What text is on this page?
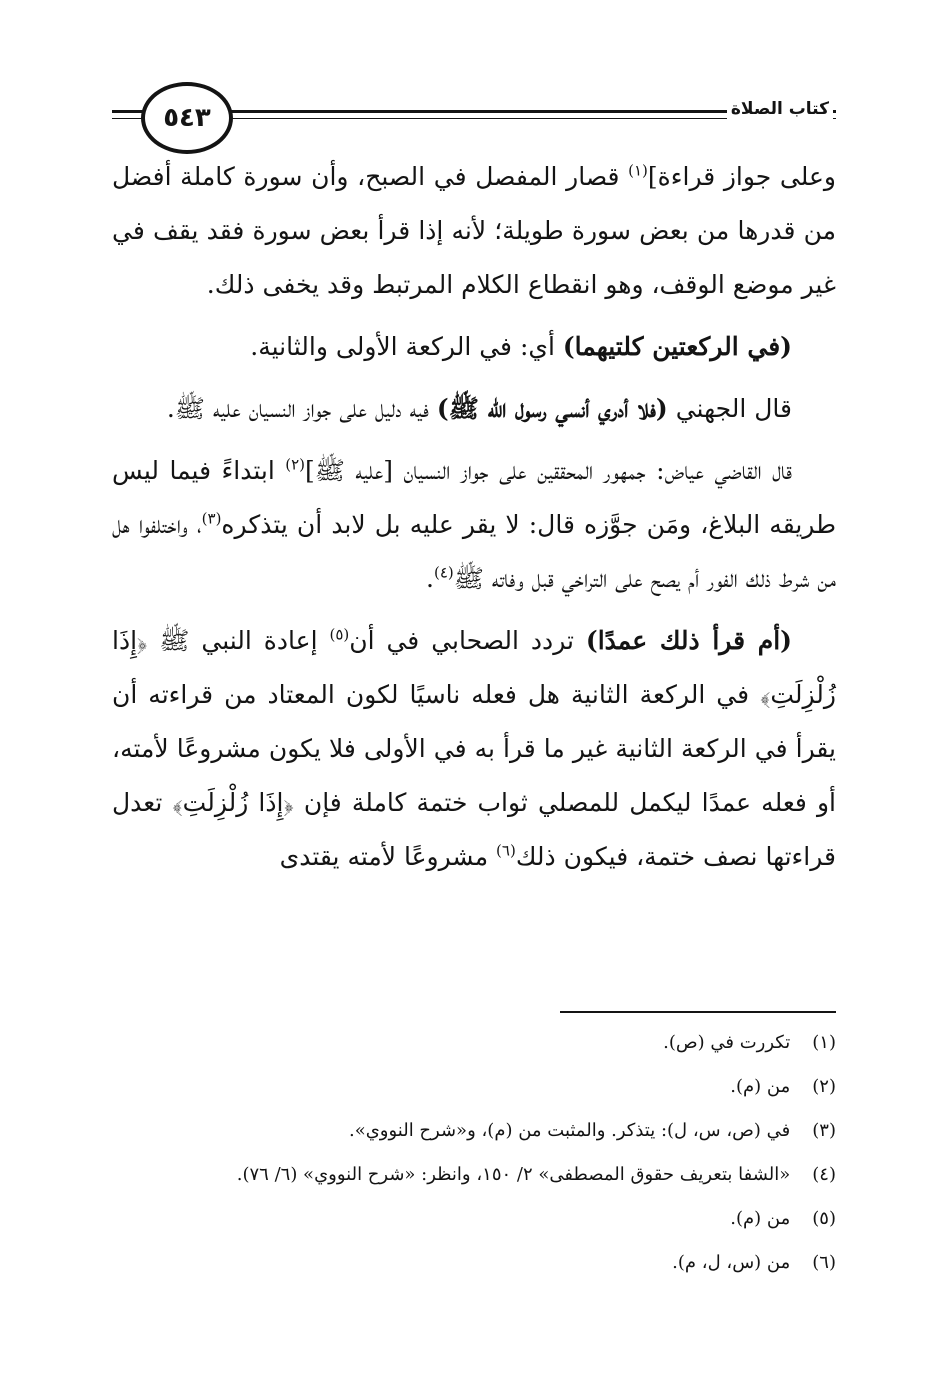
٥٤٣	كتاب الصلاة

وعلى جواز قراءة]$^{(١)}$ قصار المفصل في الصبح، وأن سورة كاملة أفضل من قدرها من بعض سورة طويلة؛ لأنه إذا قرأ بعض سورة فقد يقف في غير موضع الوقف، وهو انقطاع الكلام المرتبط وقد يخفى ذلك.

(في الركعتين كلتيهما) أي: في الركعة الأولى والثانية.

قال الجهني (فلا أدري أنسي رسول الله ﷺ) فيه دليل على جواز النسيان عليه ﷺ.

قال القاضي عياض: جمهور المحققين على جواز النسيان [عليه ﷺ]$^{(٢)}$ ابتداءً فيما ليس طريقه البلاغ، ومَن جوَّزه قال: لا يقر عليه بل لابد أن يتذكره$^{(٣)}$، واختلفوا هل من شرط ذلك الفور أم يصح على التراخي قبل وفاته ﷺ$^{(٤)}$.

(أم قرأ ذلك عمدًا) تردد الصحابي في أن$^{(٥)}$ إعادة النبي ﷺ ﴿إِذَا زُلْزِلَتِ﴾ في الركعة الثانية هل فعله ناسيًا لكون المعتاد من قراءته أن يقرأ في الركعة الثانية غير ما قرأ به في الأولى فلا يكون مشروعًا لأمته، أو فعله عمدًا ليكمل للمصلي ثواب ختمة كاملة فإن ﴿إِذَا زُلْزِلَتِ﴾ تعدل قراءتها نصف ختمة، فيكون ذلك$^{(٦)}$ مشروعًا لأمته يقتدى

(١) تكررت في (ص).
(٢) من (م).
(٣) في (ص، س، ل): يتذكر. والمثبت من (م)، و«شرح النووي».
(٤) «الشفا بتعريف حقوق المصطفى» ٢/ ١٥٠، وانظر: «شرح النووي» (٦/ ٧٦).
(٥) من (م).
(٦) من (س، ل، م).
